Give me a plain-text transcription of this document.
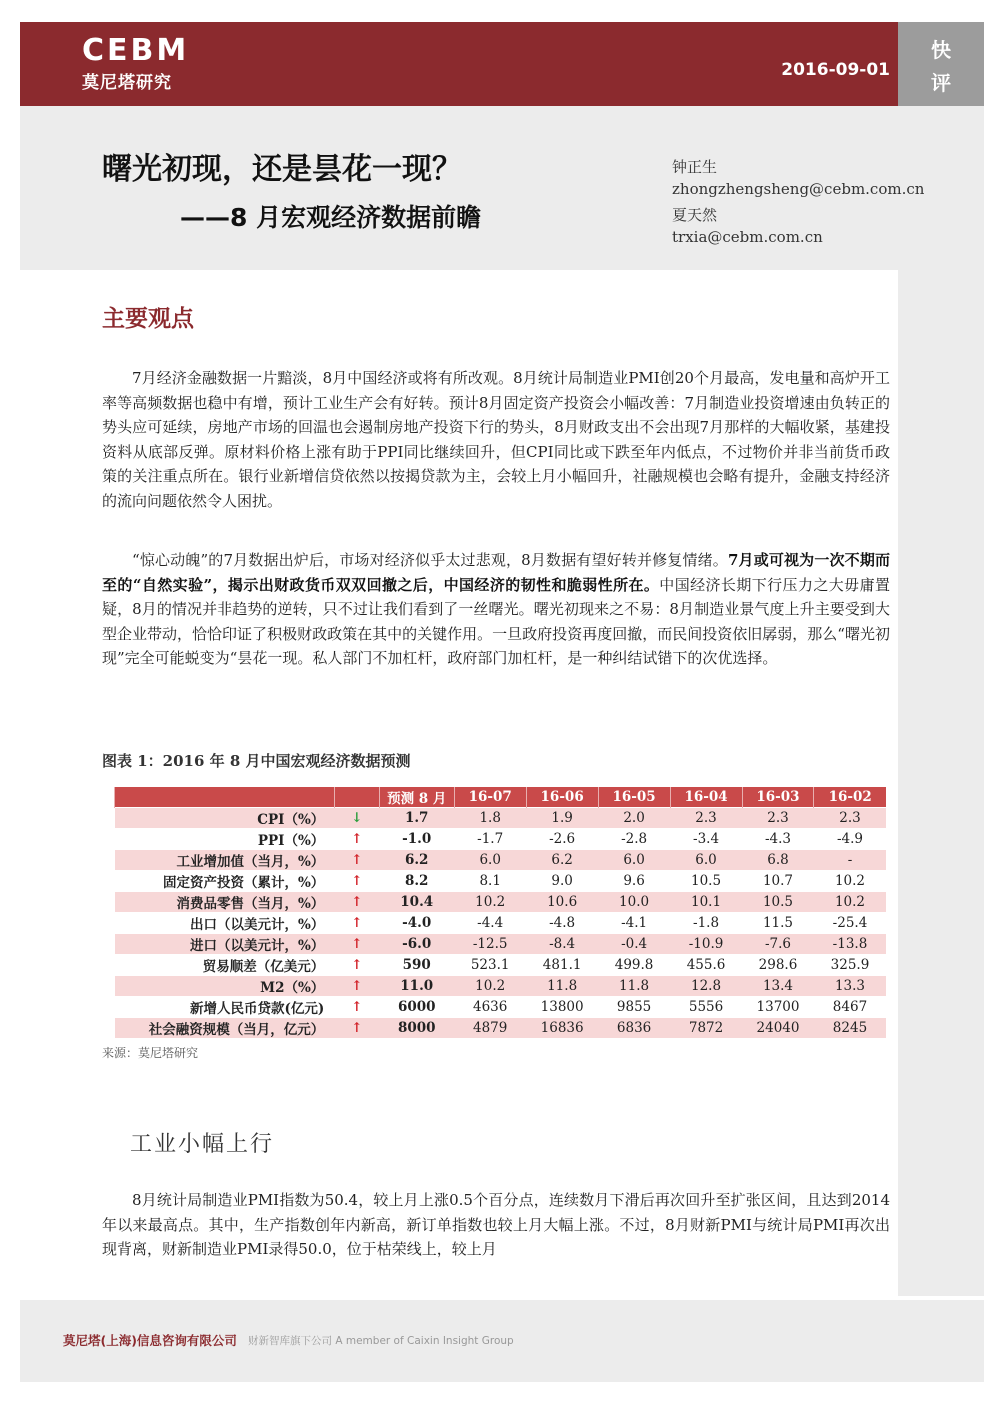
CEBM
莫尼塔研究
2016-09-01
快
评
曙光初现，还是昙花一现？
——8 月宏观经济数据前瞻
钟正生
zhongzhengsheng@cebm.com.cn
夏天然
trxia@cebm.com.cn
主要观点
7月经济金融数据一片黯淡，8月中国经济或将有所改观。8月统计局制造业PMI创20个月最高，发电量和高炉开工率等高频数据也稳中有增，预计工业生产会有好转。预计8月固定资产投资会小幅改善：7月制造业投资增速由负转正的势头应可延续，房地产市场的回温也会遏制房地产投资下行的势头，8月财政支出不会出现7月那样的大幅收紧，基建投资料从底部反弹。原材料价格上涨有助于PPI同比继续回升，但CPI同比或下跌至年内低点，不过物价并非当前货币政策的关注重点所在。银行业新增信贷依然以按揭贷款为主，会较上月小幅回升，社融规模也会略有提升，金融支持经济的流向问题依然令人困扰。
“惊心动魄”的7月数据出炉后，市场对经济似乎太过悲观，8月数据有望好转并修复情绪。7月或可视为一次不期而至的“自然实验”，揭示出财政货币双双回撤之后，中国经济的韧性和脆弱性所在。中国经济长期下行压力之大毋庸置疑，8月的情况并非趋势的逆转，只不过让我们看到了一丝曙光。曙光初现来之不易：8月制造业景气度上升主要受到大型企业带动，恰恰印证了积极财政政策在其中的关键作用。一旦政府投资再度回撤，而民间投资依旧孱弱，那么“曙光初现”完全可能蜕变为“昙花一现。私人部门不加杠杆，政府部门加杠杆，是一种纠结试错下的次优选择。
图表 1：2016 年 8 月中国宏观经济数据预测
		预测 8 月	16-07	16-06	16-05	16-04	16-03	16-02
CPI（%）	↓	1.7	1.8	1.9	2.0	2.3	2.3	2.3
PPI（%）	↑	-1.0	-1.7	-2.6	-2.8	-3.4	-4.3	-4.9
工业增加值（当月，%）	↑	6.2	6.0	6.2	6.0	6.0	6.8	-
固定资产投资（累计，%）	↑	8.2	8.1	9.0	9.6	10.5	10.7	10.2
消费品零售（当月，%）	↑	10.4	10.2	10.6	10.0	10.1	10.5	10.2
出口（以美元计，%）	↑	-4.0	-4.4	-4.8	-4.1	-1.8	11.5	-25.4
进口（以美元计，%）	↑	-6.0	-12.5	-8.4	-0.4	-10.9	-7.6	-13.8
贸易顺差（亿美元）	↑	590	523.1	481.1	499.8	455.6	298.6	325.9
M2（%）	↑	11.0	10.2	11.8	11.8	12.8	13.4	13.3
新增人民币贷款(亿元)	↑	6000	4636	13800	9855	5556	13700	8467
社会融资规模（当月，亿元）	↑	8000	4879	16836	6836	7872	24040	8245
来源：莫尼塔研究
工业小幅上行
8月统计局制造业PMI指数为50.4，较上月上涨0.5个百分点，连续数月下滑后再次回升至扩张区间，且达到2014年以来最高点。其中，生产指数创年内新高，新订单指数也较上月大幅上涨。不过，8月财新PMI与统计局PMI再次出现背离，财新制造业PMI录得50.0，位于枯荣线上，较上月
莫尼塔(上海)信息咨询有限公司 财新智库旗下公司 A member of Caixin Insight Group
